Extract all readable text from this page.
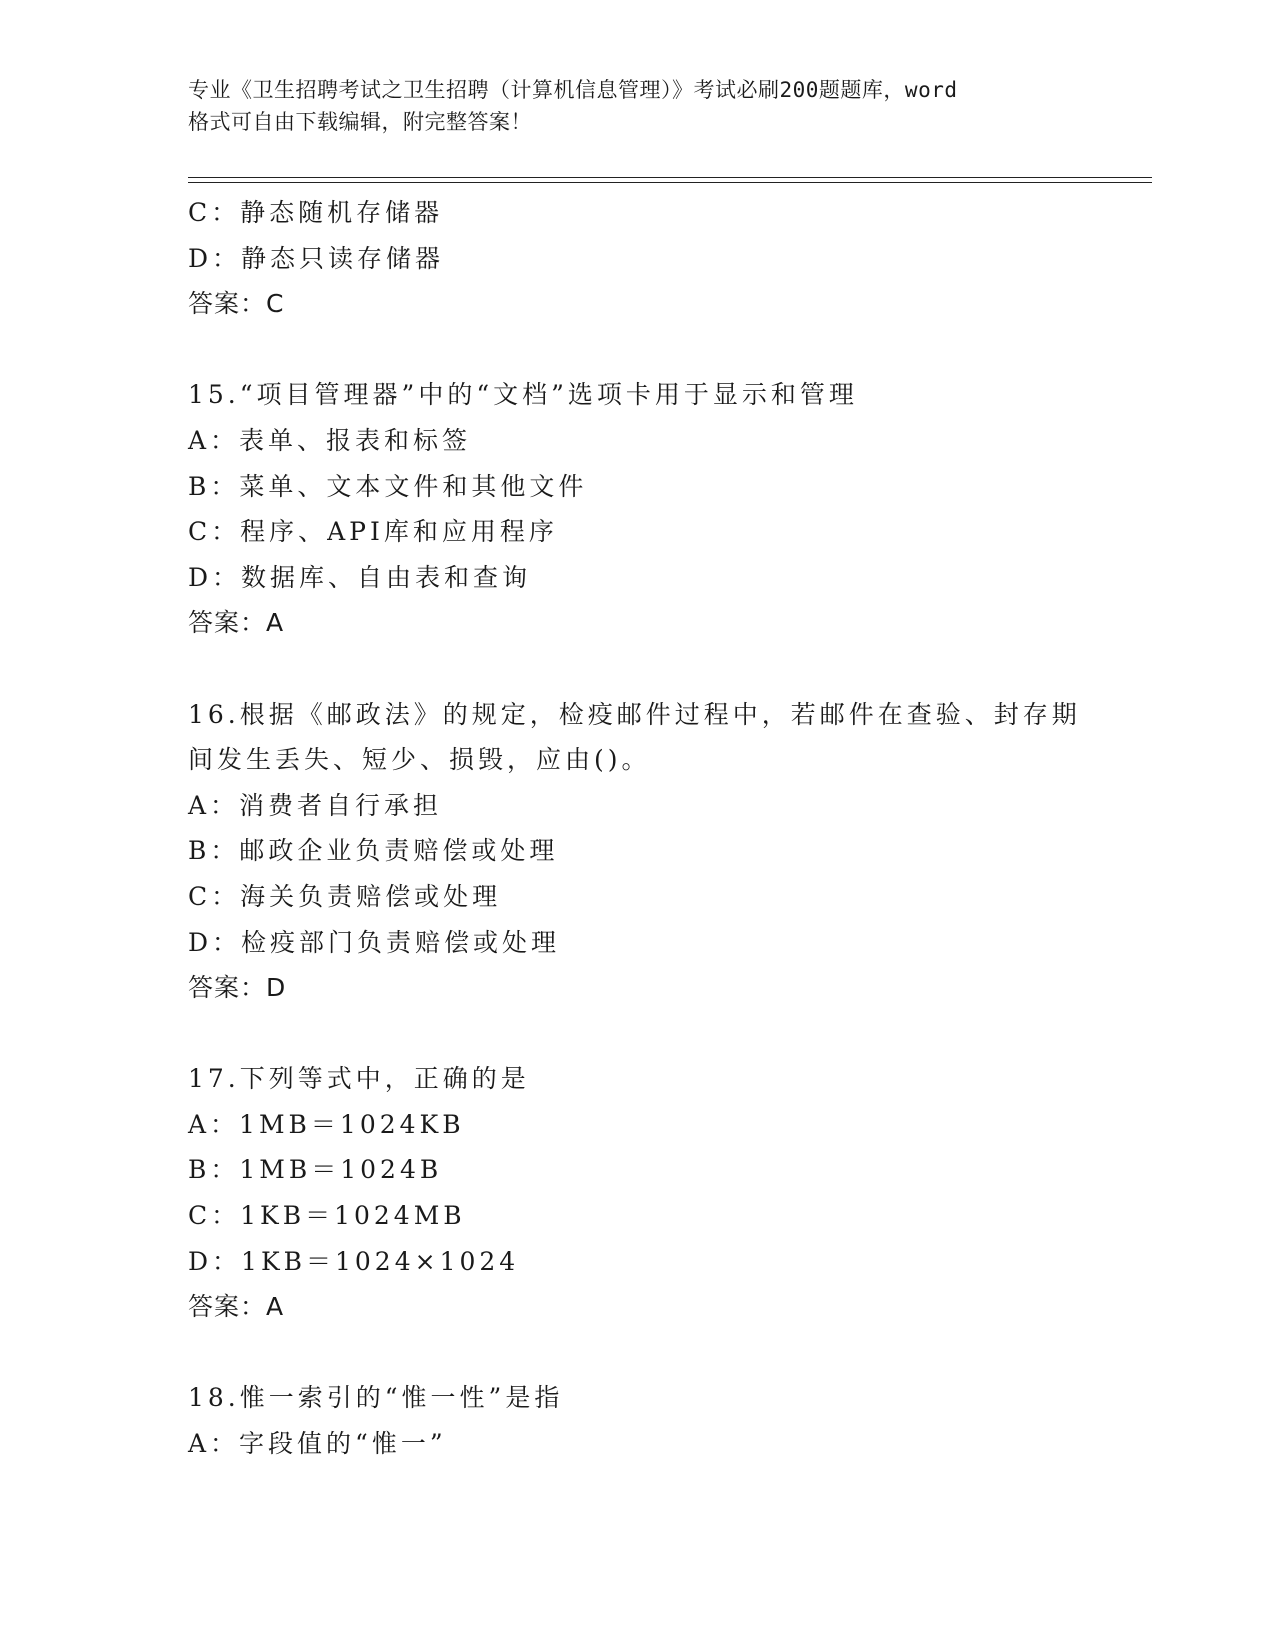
专业《卫生招聘考试之卫生招聘（计算机信息管理）》考试必刷200题题库，word
格式可自由下载编辑，附完整答案！
C：静态随机存储器
D：静态只读存储器
答案：C
15.“项目管理器”中的“文档”选项卡用于显示和管理
A：表单、报表和标签
B：菜单、文本文件和其他文件
C：程序、API库和应用程序
D：数据库、自由表和查询
答案：A
16.根据《邮政法》的规定，检疫邮件过程中，若邮件在查验、封存期
间发生丢失、短少、损毁，应由()。
A：消费者自行承担
B：邮政企业负责赔偿或处理
C：海关负责赔偿或处理
D：检疫部门负责赔偿或处理
答案：D
17.下列等式中，正确的是
A：1MB＝1024KB
B：1MB＝1024B
C：1KB＝1024MB
D：1KB＝1024×1024
答案：A
18.惟一索引的“惟一性”是指
A：字段值的“惟一”
